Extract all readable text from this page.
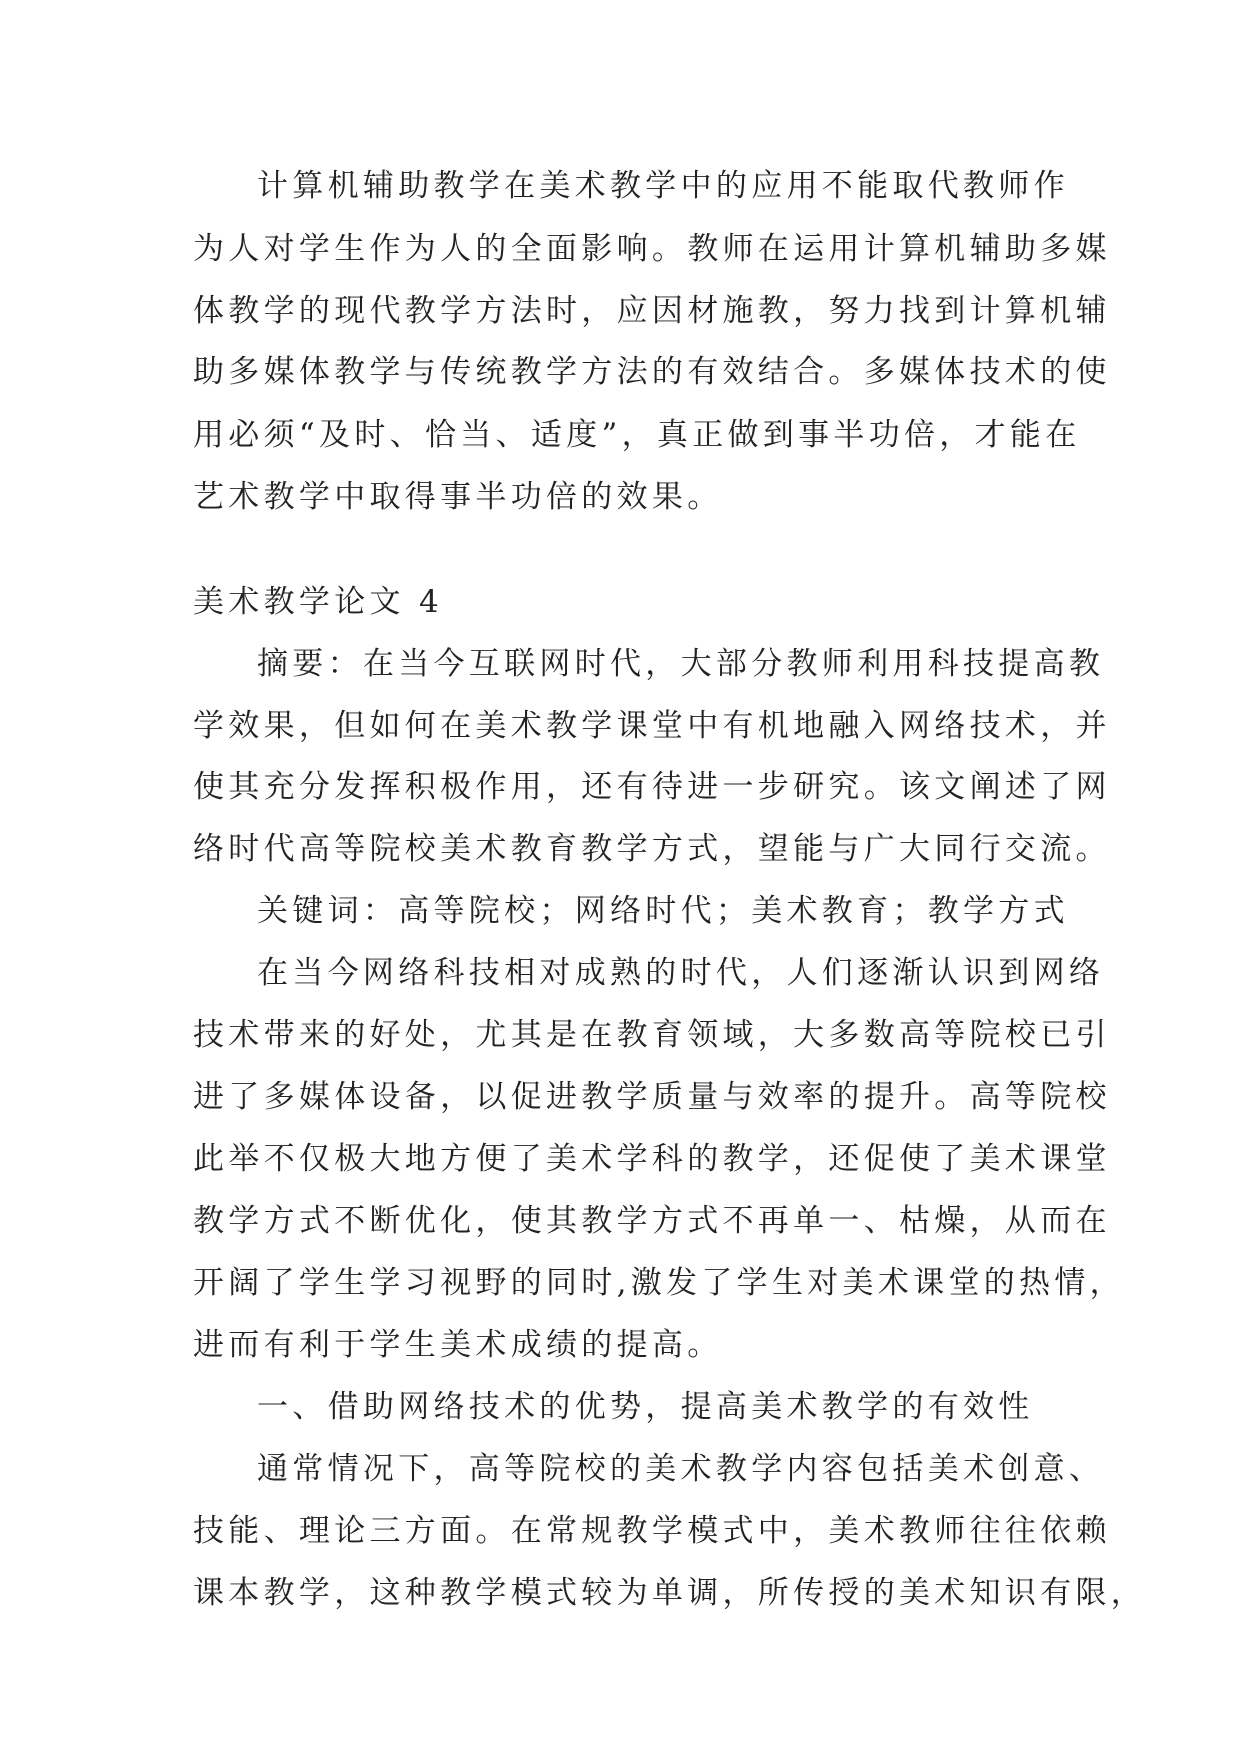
计算机辅助教学在美术教学中的应用不能取代教师作
为人对学生作为人的全面影响。教师在运用计算机辅助多媒
体教学的现代教学方法时，应因材施教，努力找到计算机辅
助多媒体教学与传统教学方法的有效结合。多媒体技术的使
用必须“及时、恰当、适度”，真正做到事半功倍，才能在
艺术教学中取得事半功倍的效果。
美术教学论文 4
摘要：在当今互联网时代，大部分教师利用科技提高教
学效果，但如何在美术教学课堂中有机地融入网络技术，并
使其充分发挥积极作用，还有待进一步研究。该文阐述了网
络时代高等院校美术教育教学方式，望能与广大同行交流。
关键词：高等院校；网络时代；美术教育；教学方式
在当今网络科技相对成熟的时代，人们逐渐认识到网络
技术带来的好处，尤其是在教育领域，大多数高等院校已引
进了多媒体设备，以促进教学质量与效率的提升。高等院校
此举不仅极大地方便了美术学科的教学，还促使了美术课堂
教学方式不断优化，使其教学方式不再单一、枯燥，从而在
开阔了学生学习视野的同时,激发了学生对美术课堂的热情，
进而有利于学生美术成绩的提高。
一、借助网络技术的优势，提高美术教学的有效性
通常情况下，高等院校的美术教学内容包括美术创意、
技能、理论三方面。在常规教学模式中，美术教师往往依赖
课本教学，这种教学模式较为单调，所传授的美术知识有限，
